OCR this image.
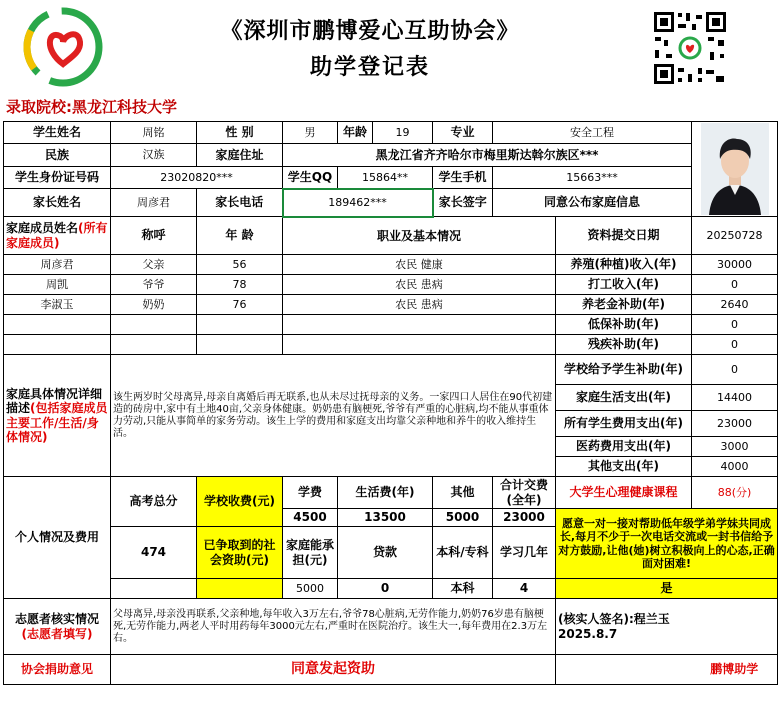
《深圳市鹏博爱心互助协会》
助学登记表
录取院校:黑龙江科技大学
学生姓名	周铭	性 别	男	年龄	19	专业	安全工程	

民族	汉族	家庭住址	黑龙江省齐齐哈尔市梅里斯达斡尔族区***						
学生身份证号码	23020820***		学生QQ	15864**		学生手机	15663***		
家长姓名	周彦君	家长电话	189462***			家长签字	同意公布家庭信息		
家庭成员姓名(所有家庭成员)	称呼	年 龄	职业及基本情况					资料提交日期	20250728
周彦君	父亲	56	农民 健康					养殖(种植)收入(年)	30000
周凯	爷爷	78	农民 患病					打工收入(年)	0
李淑玉	奶奶	76	农民 患病					养老金补助(年)	2640
								低保补助(年)	0
								残疾补助(年)	0
家庭具体情况详细描述(包括家庭成员主要工作/生活/身体情况)	该生两岁时父母离异,母亲自离婚后再无联系,也从未尽过抚母亲的义务。一家四口人居住在90代初建造的砖房中,家中有土地40亩,父亲身体健康。奶奶患有脑梗死,爷爷有严重的心脏病,均不能从事重体力劳动,只能从事简单的家务劳动。该生上学的费用和家庭支出均靠父亲种地和养牛的收入维持生活。							学校给予学生补助(年)	0
								家庭生活支出(年)	14400
								所有学生费用支出(年)	23000
								医药费用支出(年)	3000
								其他支出(年)	4000
个人情况及费用	高考总分	学校收费(元)	学费	生活费(年)		其他	合计交费(全年)	大学生心理健康课程	88(分)
			4500	13500		5000	23000	愿意一对一接对帮助低年级学弟学妹共同成长,每月不少于一次电话交流或一封书信给予对方鼓励,让他(她)树立积极向上的心态,正确面对困难!	
	474	已争取到的社会资助(元)	家庭能承担(元)	贷款		本科/专科	学习几年		
			5000	0		本科	4	是	
志愿者核实情况
(志愿者填写)	父母离异,母亲没再联系,父亲种地,每年收入3万左右,爷爷78心脏病,无劳作能力,奶奶76岁患有脑梗死,无劳作能力,两老人平时用药每年3000元左右,严重时在医院治疗。该生大一,每年费用在2.3万左右。							(核实人签名):程兰玉
2025.8.7	
协会捐助意见	同意发起资助								鹏博助学
